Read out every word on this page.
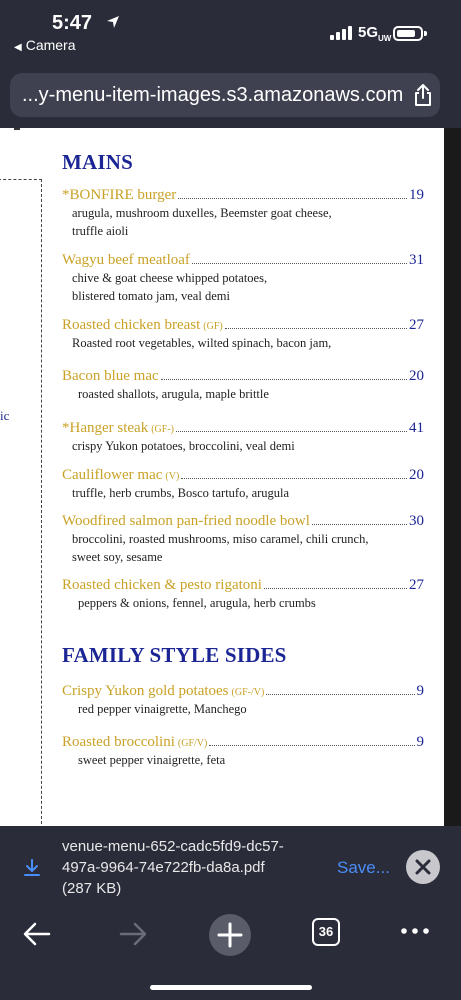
5:47
◀ Camera
$5G_{UW}$
...y-menu-item-images.s3.amazonaws.com
ic
MAINS
*BONFIRE burger	19
arugula, mushroom duxelles, Beemster goat cheese,
truffle aioli
Wagyu beef meatloaf	31
chive & goat cheese whipped potatoes,
blistered tomato jam, veal demi
Roasted chicken breast (GF)	27
Roasted root vegetables, wilted spinach, bacon jam,
Bacon blue mac	20
roasted shallots, arugula, maple brittle
*Hanger steak (GF-)	41
crispy Yukon potatoes, broccolini, veal demi
Cauliflower mac (V)	20
truffle, herb crumbs, Bosco tartufo, arugula
Woodfired salmon pan-fried noodle bowl	30
broccolini, roasted mushrooms, miso caramel, chili crunch,
sweet soy, sesame
Roasted chicken & pesto rigatoni	27
peppers & onions, fennel, arugula, herb crumbs
FAMILY STYLE SIDES
Crispy Yukon gold potatoes (GF-/V)	9
red pepper vinaigrette, Manchego
Roasted broccolini (GF/V)	9
sweet pepper vinaigrette, feta
venue-menu-652-cadc5fd9-dc57-497a-9964-74e722fb-da8a.pdf (287 KB)
Save...
36
